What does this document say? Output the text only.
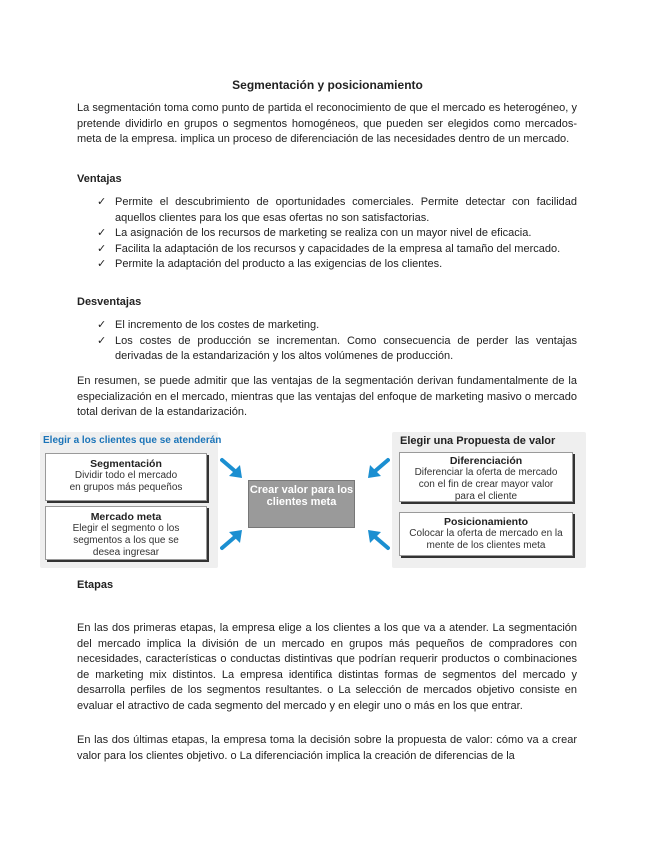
Segmentación y posicionamiento

La segmentación toma como punto de partida el reconocimiento de que el mercado es heterogéneo, y pretende dividirlo en grupos o segmentos homogéneos, que pueden ser elegidos como mercados-meta de la empresa. implica un proceso de diferenciación de las necesidades dentro de un mercado.

Ventajas

✓ Permite el descubrimiento de oportunidades comerciales. Permite detectar con facilidad aquellos clientes para los que esas ofertas no son satisfactorias.
✓ La asignación de los recursos de marketing se realiza con un mayor nivel de eficacia.
✓ Facilita la adaptación de los recursos y capacidades de la empresa al tamaño del mercado.
✓ Permite la adaptación del producto a las exigencias de los clientes.

Desventajas

✓ El incremento de los costes de marketing.
✓ Los costes de producción se incrementan. Como consecuencia de perder las ventajas derivadas de la estandarización y los altos volúmenes de producción.

En resumen, se puede admitir que las ventajas de la segmentación derivan fundamentalmente de la especialización en el mercado, mientras que las ventajas del enfoque de marketing masivo o mercado total derivan de la estandarización.

Elegir a los clientes que se atenderán
Segmentación
Dividir todo el mercado en grupos más pequeños
Mercado meta
Elegir el segmento o los segmentos a los que se desea ingresar
Crear valor para los clientes meta
Elegir una Propuesta de valor
Diferenciación
Diferenciar la oferta de mercado con el fin de crear mayor valor para el cliente
Posicionamiento
Colocar la oferta de mercado en la mente de los clientes meta

Etapas

En las dos primeras etapas, la empresa elige a los clientes a los que va a atender. La segmentación del mercado implica la división de un mercado en grupos más pequeños de compradores con necesidades, características o conductas distintivas que podrían requerir productos o combinaciones de marketing mix distintos. La empresa identifica distintas formas de segmentos del mercado y desarrolla perfiles de los segmentos resultantes. o La selección de mercados objetivo consiste en evaluar el atractivo de cada segmento del mercado y en elegir uno o más en los que entrar.

En las dos últimas etapas, la empresa toma la decisión sobre la propuesta de valor: cómo va a crear valor para los clientes objetivo. o La diferenciación implica la creación de diferencias de la
